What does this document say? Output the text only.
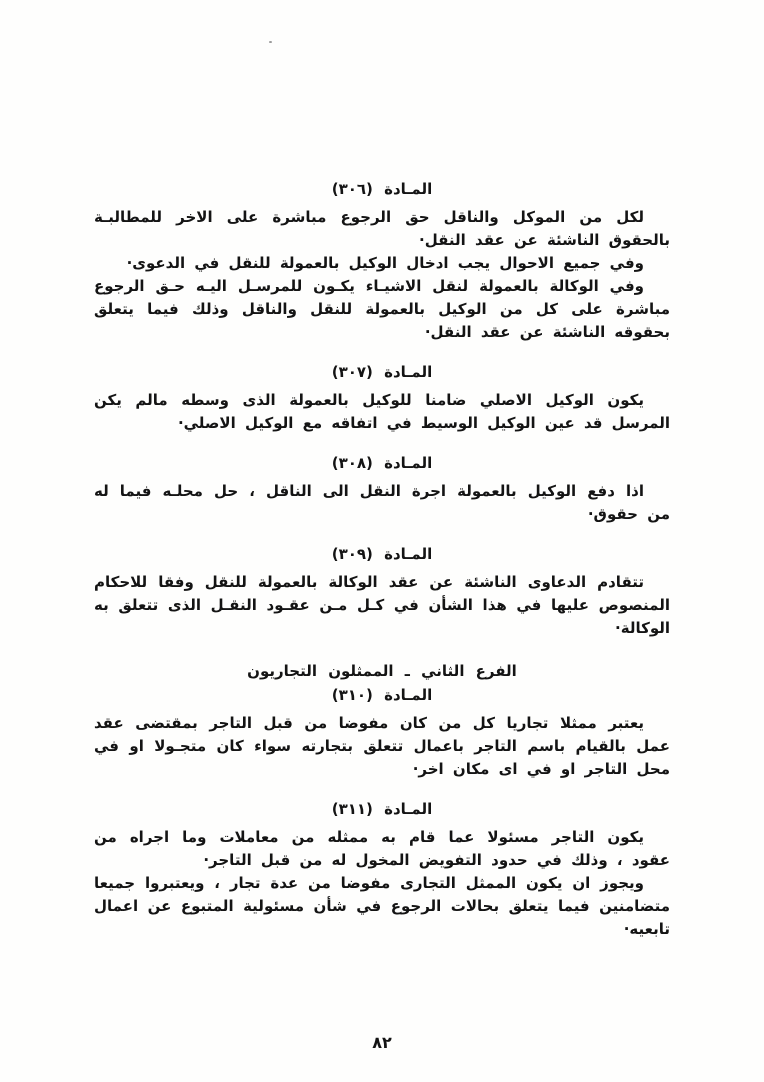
المـادة (٣٠٦)

لكل من الموكل والناقل حق الرجوع مباشرة على الاخر للمطالبـة بالحقوق الناشئة عن عقد النقل·

وفي جميع الاحوال يجب ادخال الوكيل بالعمولة للنقل في الدعوى·

وفي الوكالة بالعمولة لنقل الاشيـاء يكـون للمرسـل اليـه حـق الرجوع مباشرة على كل من الوكيل بالعمولة للنقل والناقل وذلك فيما يتعلق بحقوقه الناشئة عن عقد النقل·

المـادة (٣٠٧)

يكون الوكيل الاصلي ضامنا للوكيل بالعمولة الذى وسطه مالم يكن المرسل قد عين الوكيل الوسيط في اتفاقه مع الوكيل الاصلي·

المـادة (٣٠٨)

اذا دفع الوكيل بالعمولة اجرة النقل الى الناقل ، حل محلـه فيما له من حقوق·

المـادة (٣٠٩)

تتقادم الدعاوى الناشئة عن عقد الوكالة بالعمولة للنقل وفقا للاحكام المنصوص عليها في هذا الشأن في كـل مـن عقـود النقـل الذى تتعلق به الوكالة·

الفرع الثاني ـ الممثلون التجاريون
المـادة (٣١٠)

يعتبر ممثلا تجاريا كل من كان مفوضا من قبل التاجر بمقتضى عقد عمل بالقيام باسم التاجر باعمال تتعلق بتجارته سواء كان متجـولا او في محل التاجر او في اى مكان اخر·

المـادة (٣١١)

يكون التاجر مسئولا عما قام به ممثله من معاملات وما اجراه من عقود ، وذلك في حدود التفويض المخول له من قبل التاجر·

ويجوز ان يكون الممثل التجارى مفوضا من عدة تجار ، ويعتبروا جميعا متضامنين فيما يتعلق بحالات الرجوع في شأن مسئولية المتبوع عن اعمال تابعيه·

٨٢
